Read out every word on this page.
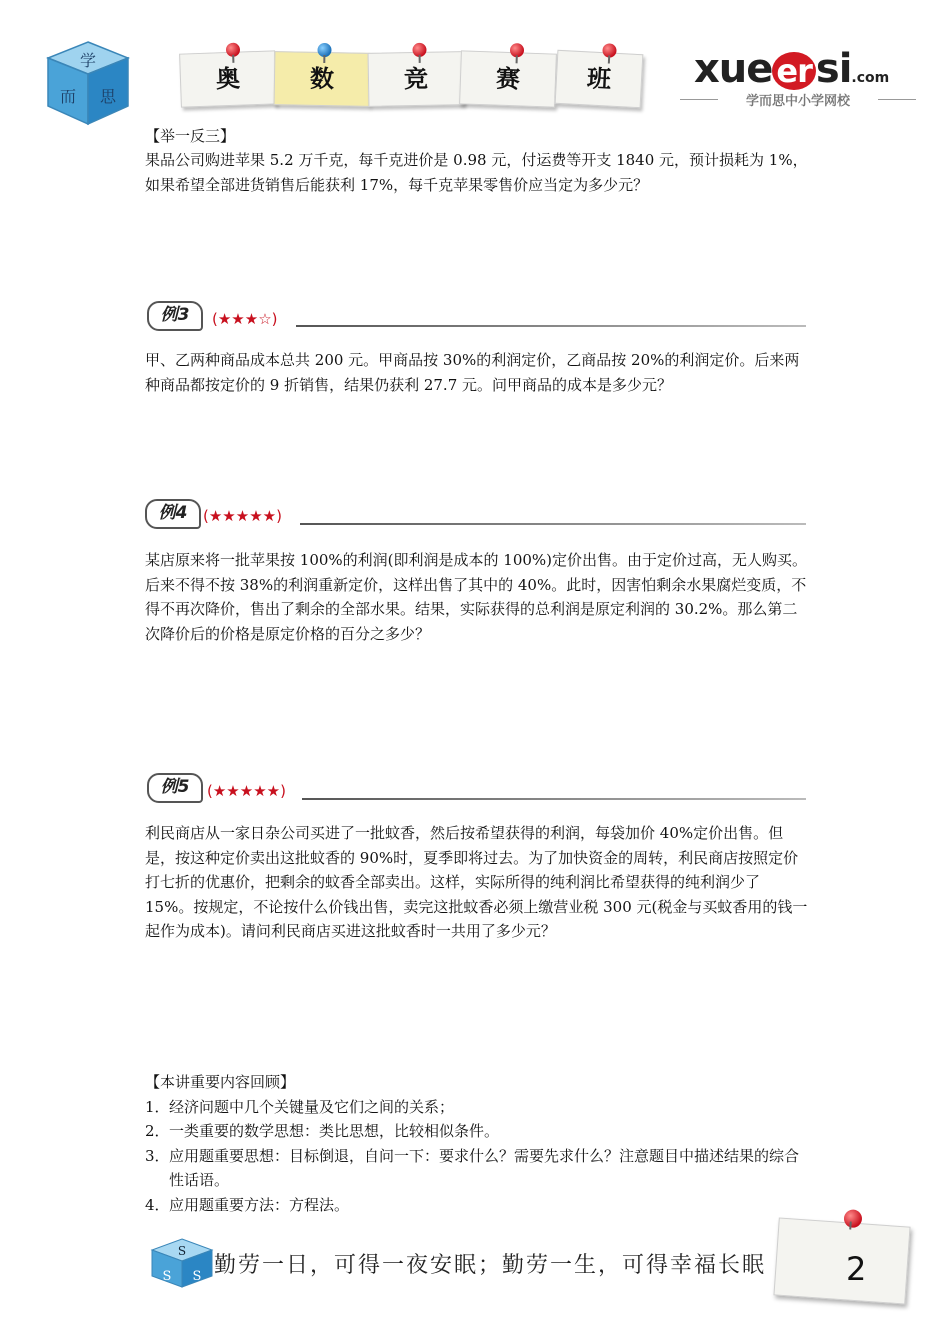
学
而 思
奥	数	竞	赛	班	xue er si.com
学而思中小学网校
【举一反三】
果品公司购进苹果 5.2 万千克，每千克进价是 0.98 元，付运费等开支 1840 元，预计损耗为 1%，如果希望全部进货销售后能获利 17%，每千克苹果零售价应当定为多少元？
例3	(★★★☆)
甲、乙两种商品成本总共 200 元。甲商品按 30%的利润定价，乙商品按 20%的利润定价。后来两种商品都按定价的 9 折销售，结果仍获利 27.7 元。问甲商品的成本是多少元？
例4	(★★★★★)
某店原来将一批苹果按 100%的利润(即利润是成本的 100%)定价出售。由于定价过高，无人购买。后来不得不按 38%的利润重新定价，这样出售了其中的 40%。此时，因害怕剩余水果腐烂变质，不得不再次降价，售出了剩余的全部水果。结果，实际获得的总利润是原定利润的 30.2%。那么第二次降价后的价格是原定价格的百分之多少？
例5	(★★★★★)
利民商店从一家日杂公司买进了一批蚊香，然后按希望获得的利润，每袋加价 40%定价出售。但是，按这种定价卖出这批蚊香的 90%时，夏季即将过去。为了加快资金的周转，利民商店按照定价打七折的优惠价，把剩余的蚊香全部卖出。这样，实际所得的纯利润比希望获得的纯利润少了 15%。按规定，不论按什么价钱出售，卖完这批蚊香必须上缴营业税 300 元(税金与买蚊香用的钱一起作为成本)。请问利民商店买进这批蚊香时一共用了多少元？
【本讲重要内容回顾】
1． 经济问题中几个关键量及它们之间的关系；
2． 一类重要的数学思想：类比思想，比较相似条件。
3． 应用题重要思想：目标倒退，自问一下：要求什么？需要先求什么？注意题目中描述结果的综合性话语。
4． 应用题重要方法：方程法。
S
S S 勤劳一日，可得一夜安眠；勤劳一生，可得幸福长眠 2
